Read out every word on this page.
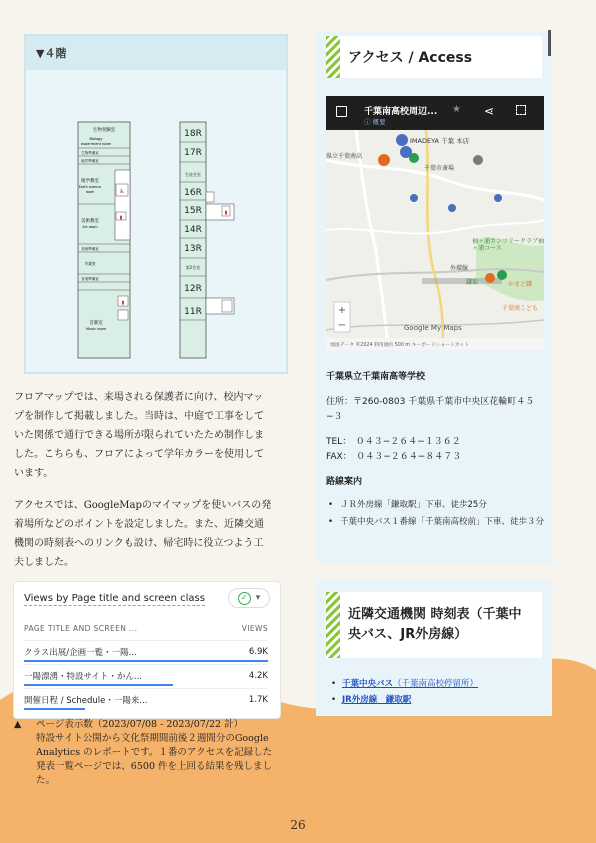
▼４階
生物実験室
Biology
experiment room
生物準備室
地学準備室
地学教室
Earth science
room
美術教室
Art room
美術準備室
卒業室
音楽準備室
音楽室
Music room
♿
▮
▮
▮
18R
17R
生徒会室
16R
15R
14R
13R
第2会室
12R
11R

フロアマップでは、来場される保護者に向け、校内マップを制作して掲載しました。当時は、中庭で工事をしていた関係で通行できる場所が限られていたため制作しました。こちらも、フロアによって学年カラーを使用しています。

アクセスでは、GoogleMapのマイマップを使いバスの発着場所などのポイントを設定しました。また、近隣交通機関の時刻表へのリンクも設け、帰宅時に役立つよう工夫しました。

Views by Page title and screen class	✓ ▾
PAGE TITLE AND SCREEN ...	VIEWS
クラス出展/企画一覧・一陽...	6.9K
一陽漂湧・特設サイト・かん...	4.2K
開催日程 / Schedule・一陽来...	1.7K
▲	ページ表示数（2023/07/08 - 2023/07/22 計）
特設サイト公開から文化祭期間前後２週間分のGoogle Analytics のレポートです。１番のアクセスを記録した発表一覧ページでは、6500 件を上回る結果を残しました。
アクセス / Access
千葉南高校周辺...
ⓘ 概要
★ ⋖
IMADEYA 千葉 本店
県立千葉南高
千葉市斎場
外環線
鎌取	かまど鎌
千葉南こども
袖ヶ浦カンツリークラブ袖ヶ浦コース
+
−	Google My Maps
地図データ ©2024 利用規約 500 m キーボードショートカット
千葉県立千葉南高等学校
住所：〒260-0803 千葉県千葉市中央区花輪町４５−３
TEL：　 ０４３−２６４−１３６２
FAX：　 ０４３−２６４−８４７３
路線案内
• ＪＲ外房線「鎌取駅」下車、徒歩25分
• 千葉中央バス１番線「千葉南高校前」下車、徒歩３分
近隣交通機関 時刻表（千葉中央バス、JR外房線）
• 千葉中央バス（千葉南高校停留所）
• JR外房線　鎌取駅
26
